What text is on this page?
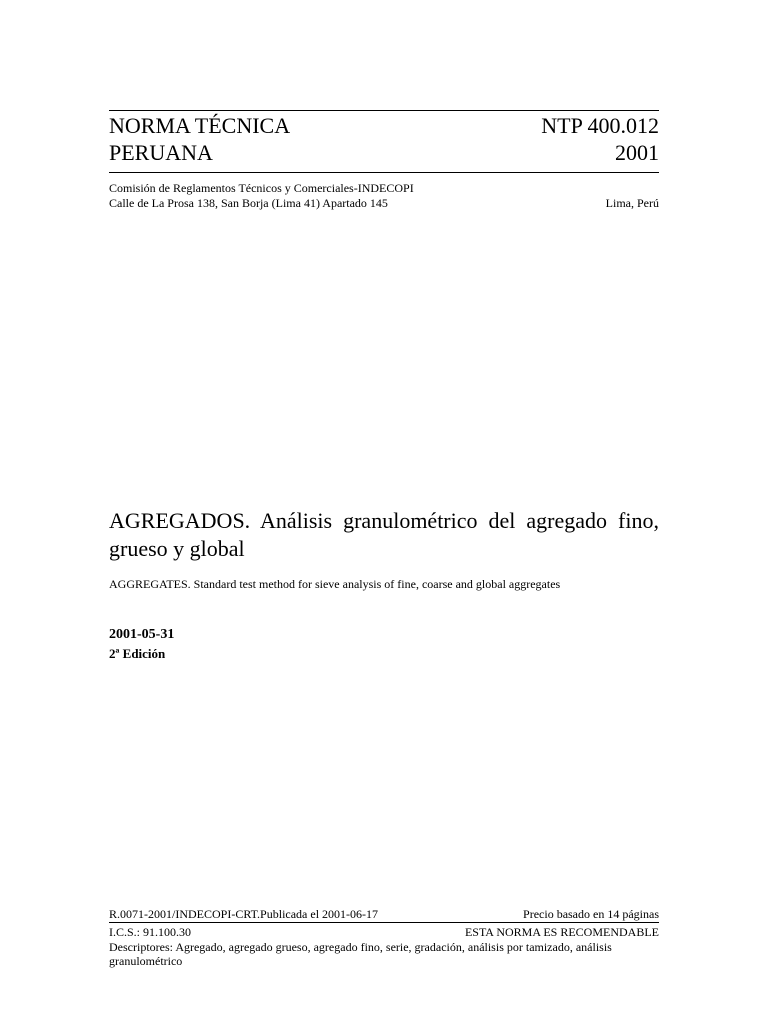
NORMA TÉCNICA
PERUANA
NTP 400.012
2001
Comisión de Reglamentos Técnicos y Comerciales-INDECOPI
Calle de La Prosa 138, San Borja (Lima 41) Apartado 145	Lima, Perú
AGREGADOS. Análisis granulométrico del agregado fino, grueso y global
AGGREGATES. Standard test method for sieve analysis of fine, coarse and global aggregates
2001-05-31
2ª Edición
R.0071-2001/INDECOPI-CRT.Publicada el 2001-06-17	Precio basado en 14 páginas
I.C.S.: 91.100.30	ESTA NORMA ES RECOMENDABLE
Descriptores: Agregado, agregado grueso, agregado fino, serie, gradación, análisis por tamizado, análisis granulométrico
